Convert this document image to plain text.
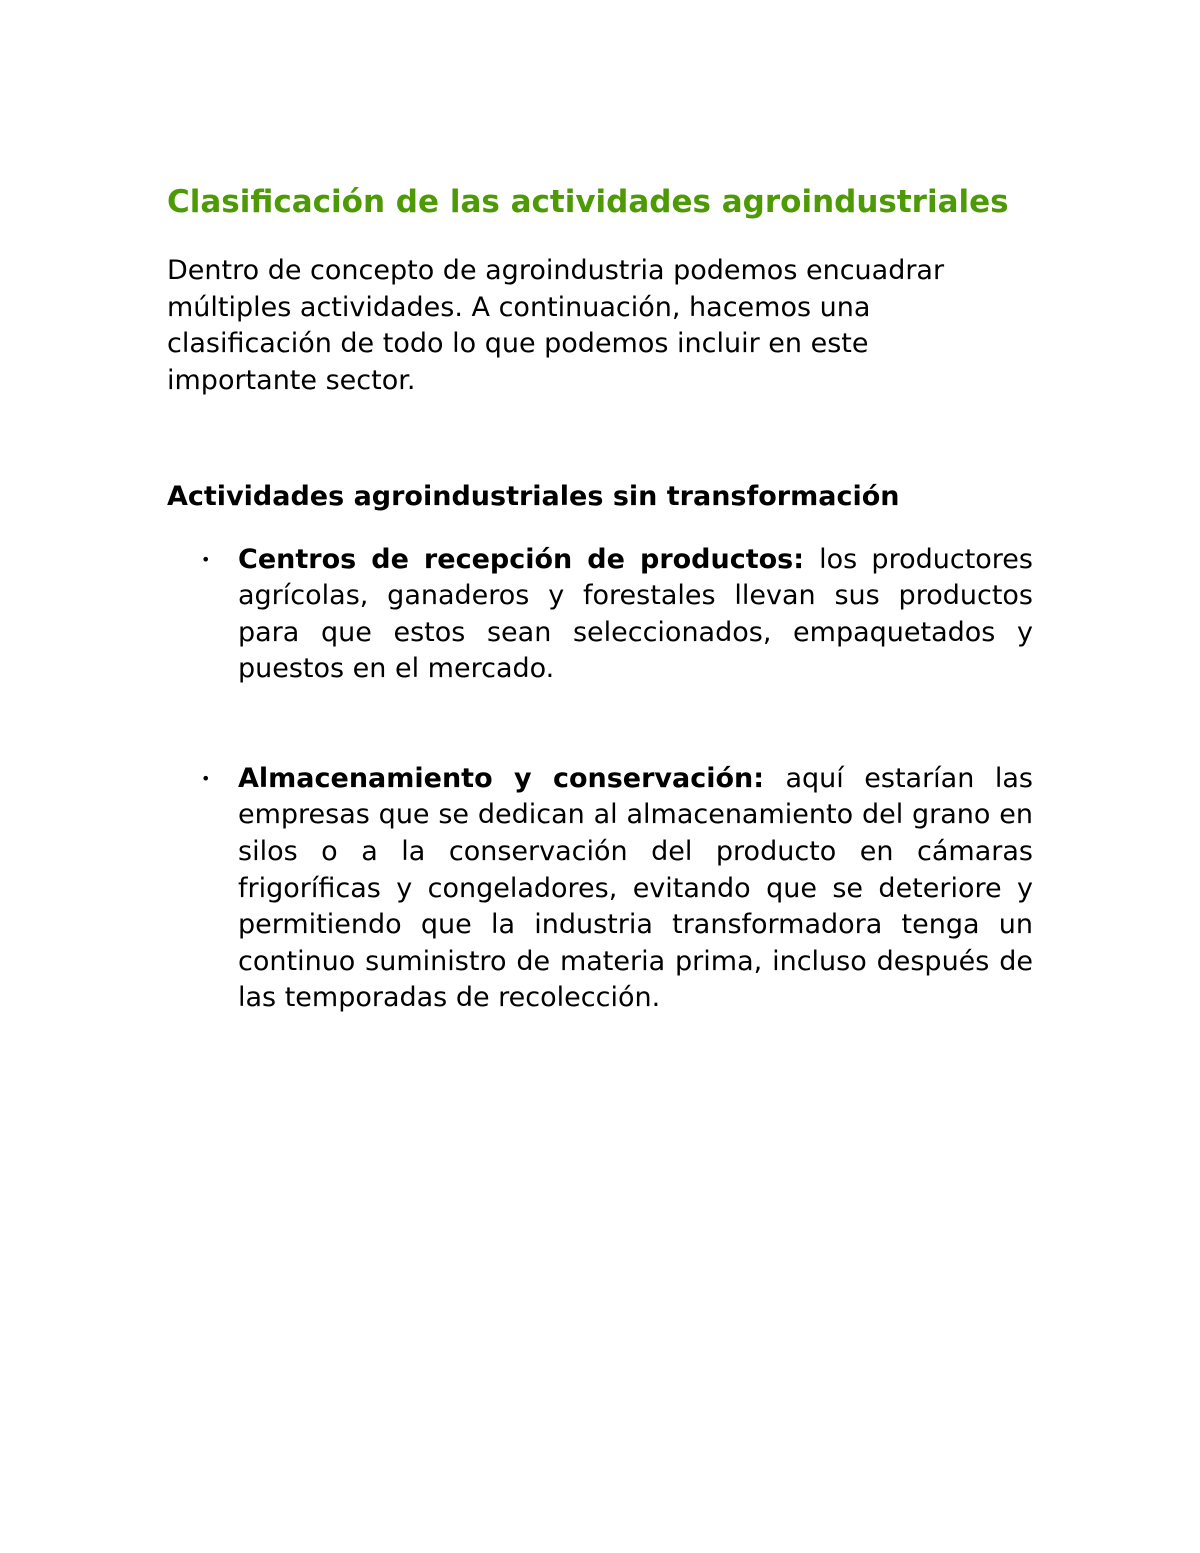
Clasificación de las actividades agroindustriales

Dentro de concepto de agroindustria podemos encuadrar múltiples actividades. A continuación, hacemos una clasificación de todo lo que podemos incluir en este importante sector.

Actividades agroindustriales sin transformación
• Centros de recepción de productos: los productores agrícolas, ganaderos y forestales llevan sus productos para que estos sean seleccionados, empaquetados y puestos en el mercado.
• Almacenamiento y conservación: aquí estarían las empresas que se dedican al almacenamiento del grano en silos o a la conservación del producto en cámaras frigoríficas y congeladores, evitando que se deteriore y permitiendo que la industria transformadora tenga un continuo suministro de materia prima, incluso después de las temporadas de recolección.
